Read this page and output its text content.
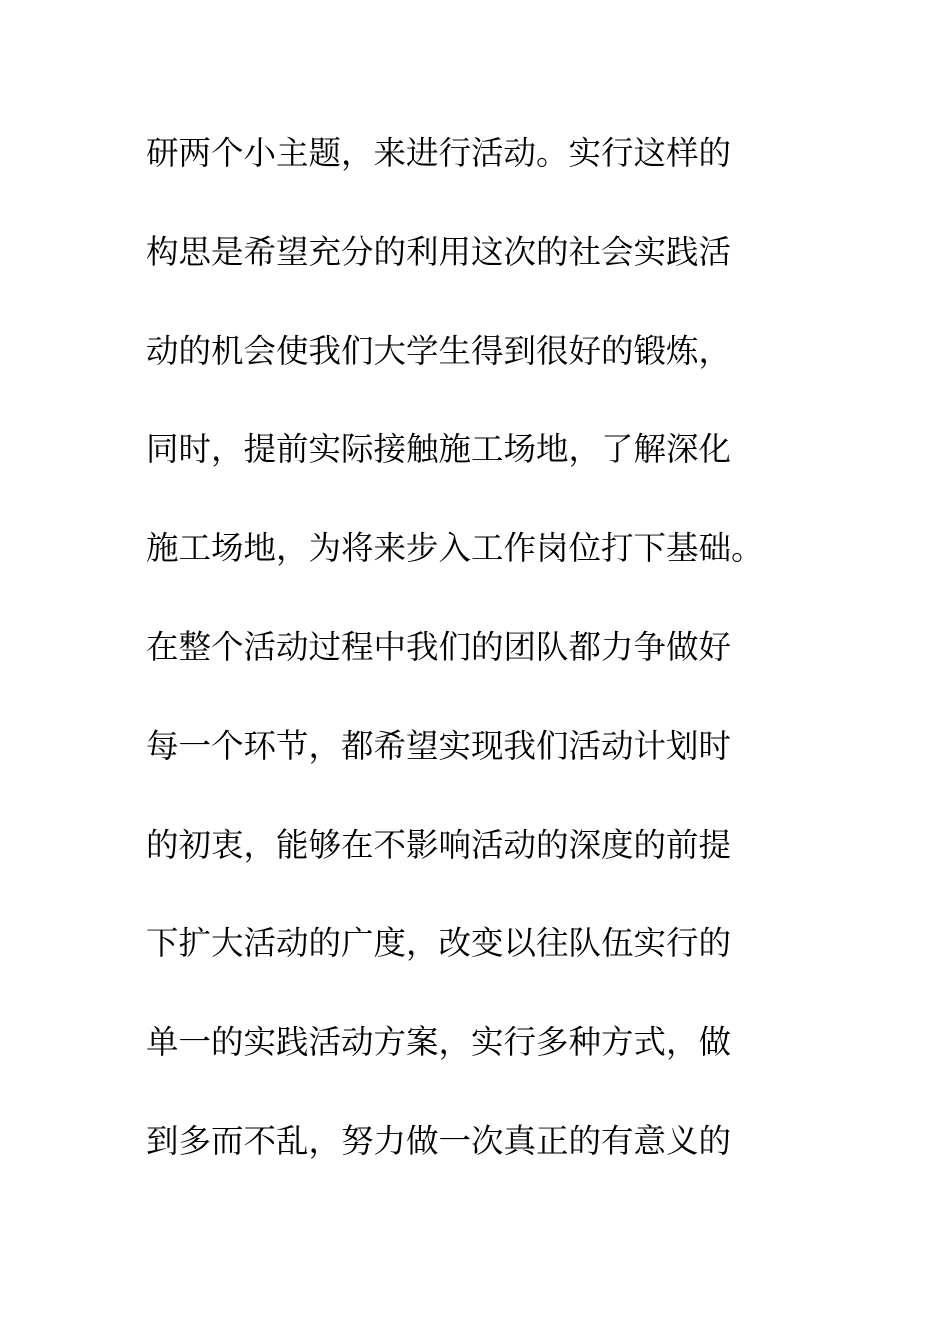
研两个小主题，来进行活动。实行这样的
构思是希望充分的利用这次的社会实践活
动的机会使我们大学生得到很好的锻炼，
同时，提前实际接触施工场地，了解深化
施工场地，为将来步入工作岗位打下基础。
在整个活动过程中我们的团队都力争做好
每一个环节，都希望实现我们活动计划时
的初衷，能够在不影响活动的深度的前提
下扩大活动的广度，改变以往队伍实行的
单一的实践活动方案，实行多种方式，做
到多而不乱，努力做一次真正的有意义的
